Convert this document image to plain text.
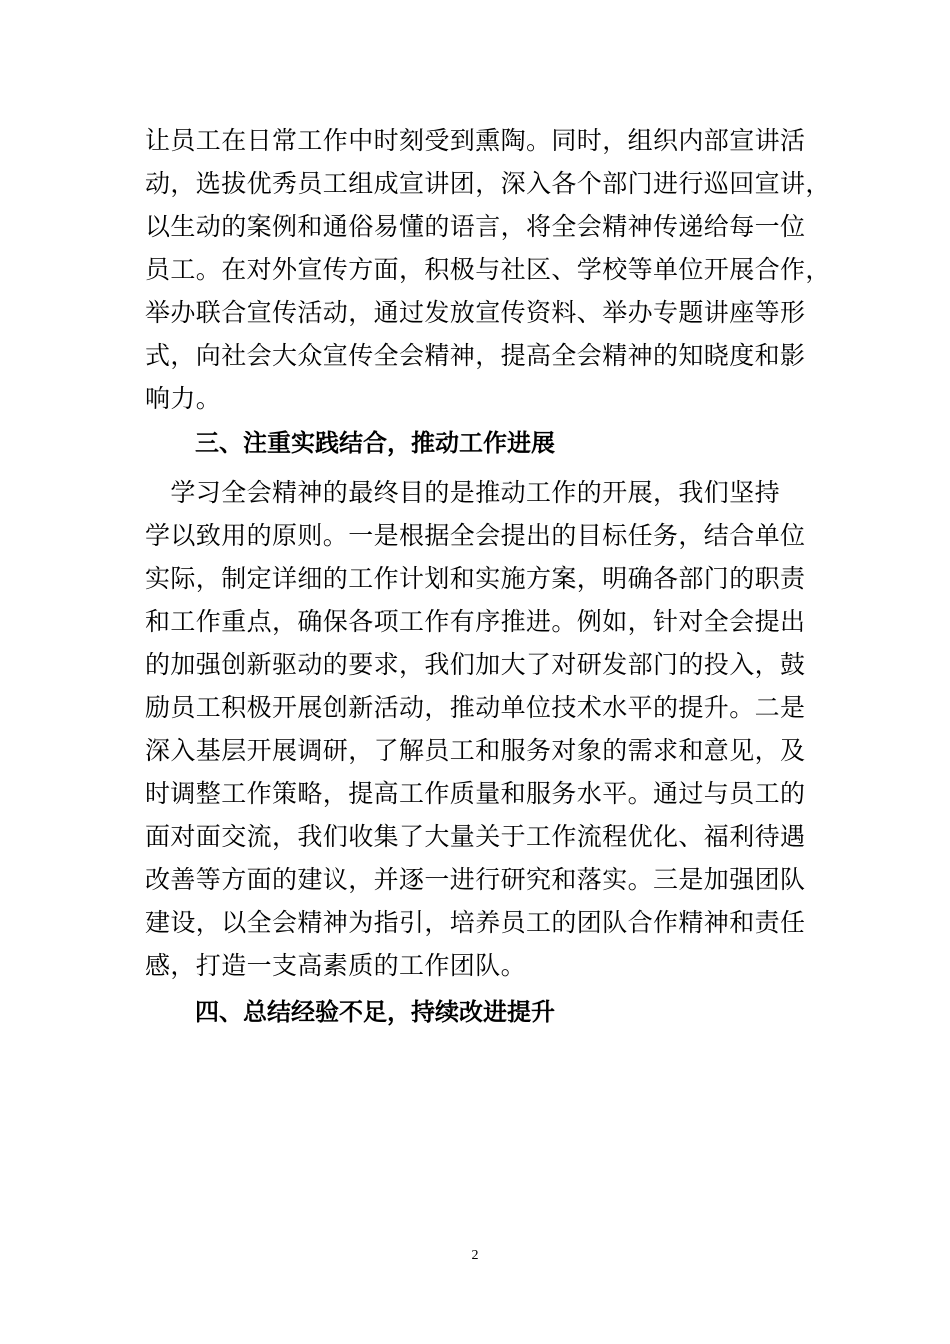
让员工在日常工作中时刻受到熏陶。同时，组织内部宣讲活
动，选拔优秀员工组成宣讲团，深入各个部门进行巡回宣讲，
以生动的案例和通俗易懂的语言，将全会精神传递给每一位
员工。在对外宣传方面，积极与社区、学校等单位开展合作，
举办联合宣传活动，通过发放宣传资料、举办专题讲座等形
式，向社会大众宣传全会精神，提高全会精神的知晓度和影
响力。
三、注重实践结合，推动工作进展
　学习全会精神的最终目的是推动工作的开展，我们坚持
学以致用的原则。一是根据全会提出的目标任务，结合单位
实际，制定详细的工作计划和实施方案，明确各部门的职责
和工作重点，确保各项工作有序推进。例如，针对全会提出
的加强创新驱动的要求，我们加大了对研发部门的投入，鼓
励员工积极开展创新活动，推动单位技术水平的提升。二是
深入基层开展调研，了解员工和服务对象的需求和意见，及
时调整工作策略，提高工作质量和服务水平。通过与员工的
面对面交流，我们收集了大量关于工作流程优化、福利待遇
改善等方面的建议，并逐一进行研究和落实。三是加强团队
建设，以全会精神为指引，培养员工的团队合作精神和责任
感，打造一支高素质的工作团队。
四、总结经验不足，持续改进提升
2
